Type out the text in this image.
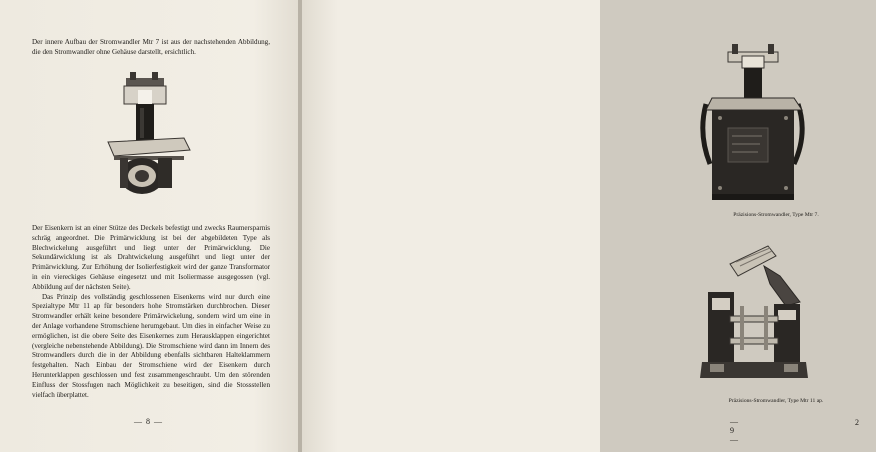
Der innere Aufbau der Stromwandler Mtr 7 ist aus der nachstehenden Abbildung, die den Stromwandler ohne Gehäuse darstellt, ersichtlich.

Der Eisenkern ist an einer Stütze des Deckels befestigt und zwecks Raumersparnis schräg angeordnet. Die Primärwicklung ist bei der abgebildeten Type als Blechwickelung ausgeführt und liegt unter der Primärwicklung. Die Sekundärwicklung ist als Drahtwickelung ausgeführt und liegt unter der Primärwicklung. Zur Erhöhung der Isolierfestigkeit wird der ganze Transformator in ein viereckiges Gehäuse eingesetzt und mit Isoliermasse ausgegossen (vgl. Abbildung auf der nächsten Seite).

Das Prinzip des vollständig geschlossenen Eisenkerns wird nur durch eine Spezialtype Mtr 11 ap für besonders hohe Stromstärken durchbrochen. Dieser Stromwandler erhält keine besondere Primärwickelung, sondern wird um eine in der Anlage vorhandene Stromschiene herumgebaut. Um dies in einfacher Weise zu ermöglichen, ist die obere Seite des Eisenkernes zum Herausklappen eingerichtet (vergleiche nebenstehende Abbildung). Die Stromschiene wird dann im Innern des Stromwandlers durch die in der Abbildung ebenfalls sichtbaren Halteklammern festgehalten. Nach Einbau der Stromschiene wird der Eisenkern durch Herunterklappen geschlossen und fest zusammengeschraubt. Um den störenden Einfluss der Stossfugen nach Möglichkeit zu beseitigen, sind die Stossstellen vielfach überplattet.

— 8 —
Präzisions-Stromwandler, Type Mtr 7.
Präzisions-Stromwandler, Type Mtr 11 ap.
— 9 —
2
